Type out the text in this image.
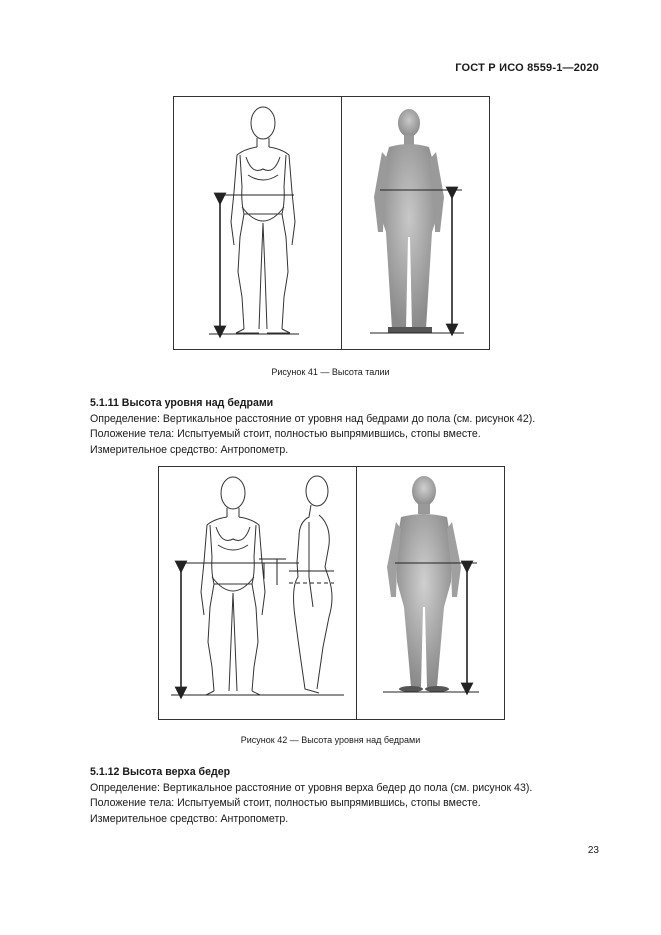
ГОСТ Р ИСО 8559-1—2020
Рисунок 41 — Высота талии
5.1.11 Высота уровня над бедрами
Определение: Вертикальное расстояние от уровня над бедрами до пола (см. рисунок 42).
Положение тела: Испытуемый стоит, полностью выпрямившись, стопы вместе.
Измерительное средство: Антропометр.
Рисунок 42 — Высота уровня над бедрами
5.1.12 Высота верха бедер
Определение: Вертикальное расстояние от уровня верха бедер до пола (см. рисунок 43).
Положение тела: Испытуемый стоит, полностью выпрямившись, стопы вместе.
Измерительное средство: Антропометр.
23
